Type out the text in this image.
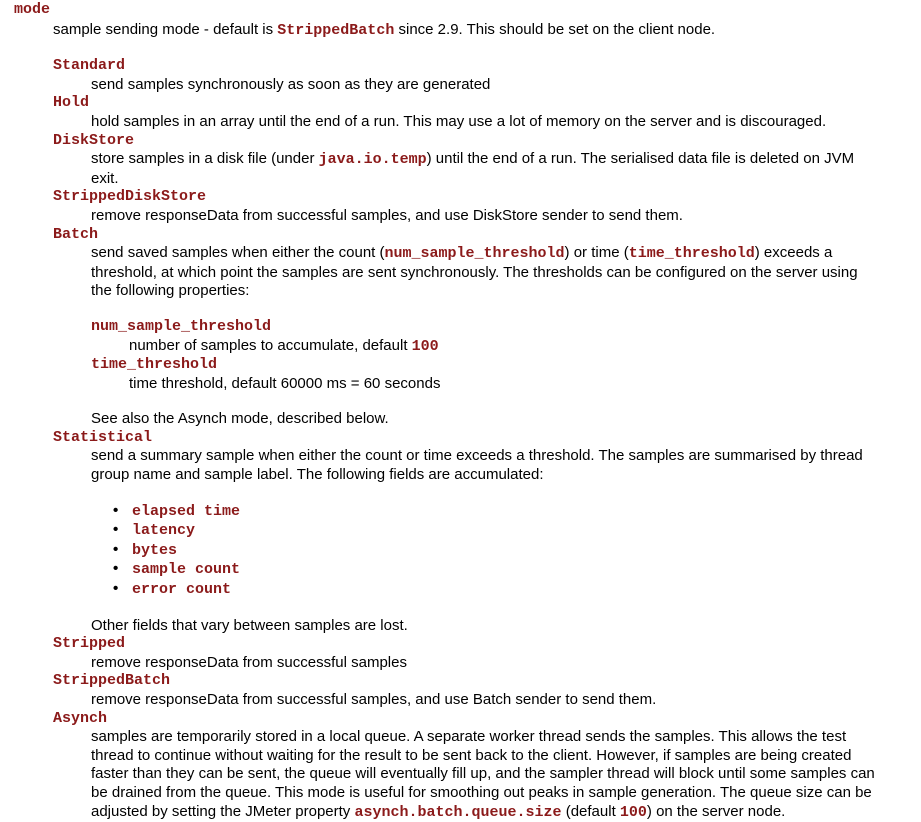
mode
sample sending mode - default is StrippedBatch since 2.9. This should be set on the client node.
Standard
send samples synchronously as soon as they are generated
Hold
hold samples in an array until the end of a run. This may use a lot of memory on the server and is discouraged.
DiskStore
store samples in a disk file (under java.io.temp) until the end of a run. The serialised data file is deleted on JVM exit.
StrippedDiskStore
remove responseData from successful samples, and use DiskStore sender to send them.
Batch
send saved samples when either the count (num_sample_threshold) or time (time_threshold) exceeds a threshold, at which point the samples are sent synchronously. The thresholds can be configured on the server using the following properties:
num_sample_threshold
number of samples to accumulate, default 100
time_threshold
time threshold, default 60000 ms = 60 seconds
See also the Asynch mode, described below.
Statistical
send a summary sample when either the count or time exceeds a threshold. The samples are summarised by thread group name and sample label. The following fields are accumulated:
• elapsed time
• latency
• bytes
• sample count
• error count
Other fields that vary between samples are lost.
Stripped
remove responseData from successful samples
StrippedBatch
remove responseData from successful samples, and use Batch sender to send them.
Asynch
samples are temporarily stored in a local queue. A separate worker thread sends the samples. This allows the test thread to continue without waiting for the result to be sent back to the client. However, if samples are being created faster than they can be sent, the queue will eventually fill up, and the sampler thread will block until some samples can be drained from the queue. This mode is useful for smoothing out peaks in sample generation. The queue size can be adjusted by setting the JMeter property asynch.batch.queue.size (default 100) on the server node.
